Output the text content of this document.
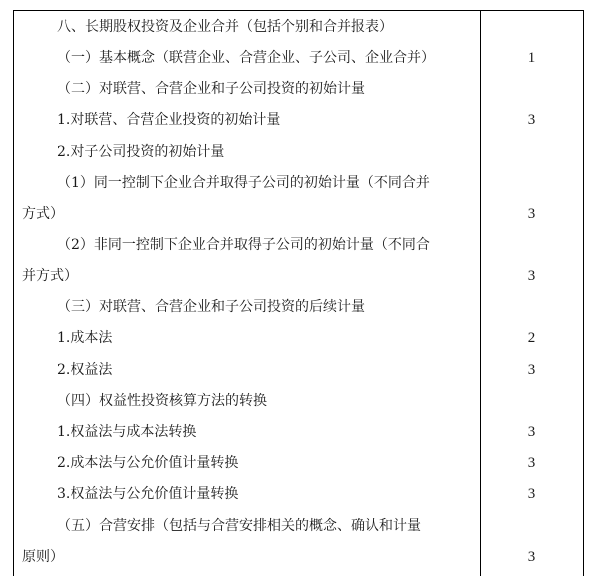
八、长期股权投资及企业合并（包括个别和合并报表）
（一）基本概念（联营企业、合营企业、子公司、企业合并）	1
（二）对联营、合营企业和子公司投资的初始计量
1.对联营、合营企业投资的初始计量	3
2.对子公司投资的初始计量
（1）同一控制下企业合并取得子公司的初始计量（不同合并
方式）	3
（2）非同一控制下企业合并取得子公司的初始计量（不同合
并方式）	3
（三）对联营、合营企业和子公司投资的后续计量
1.成本法	2
2.权益法	3
（四）权益性投资核算方法的转换
1.权益法与成本法转换	3
2.成本法与公允价值计量转换	3
3.权益法与公允价值计量转换	3
（五）合营安排（包括与合营安排相关的概念、确认和计量
原则）	3
